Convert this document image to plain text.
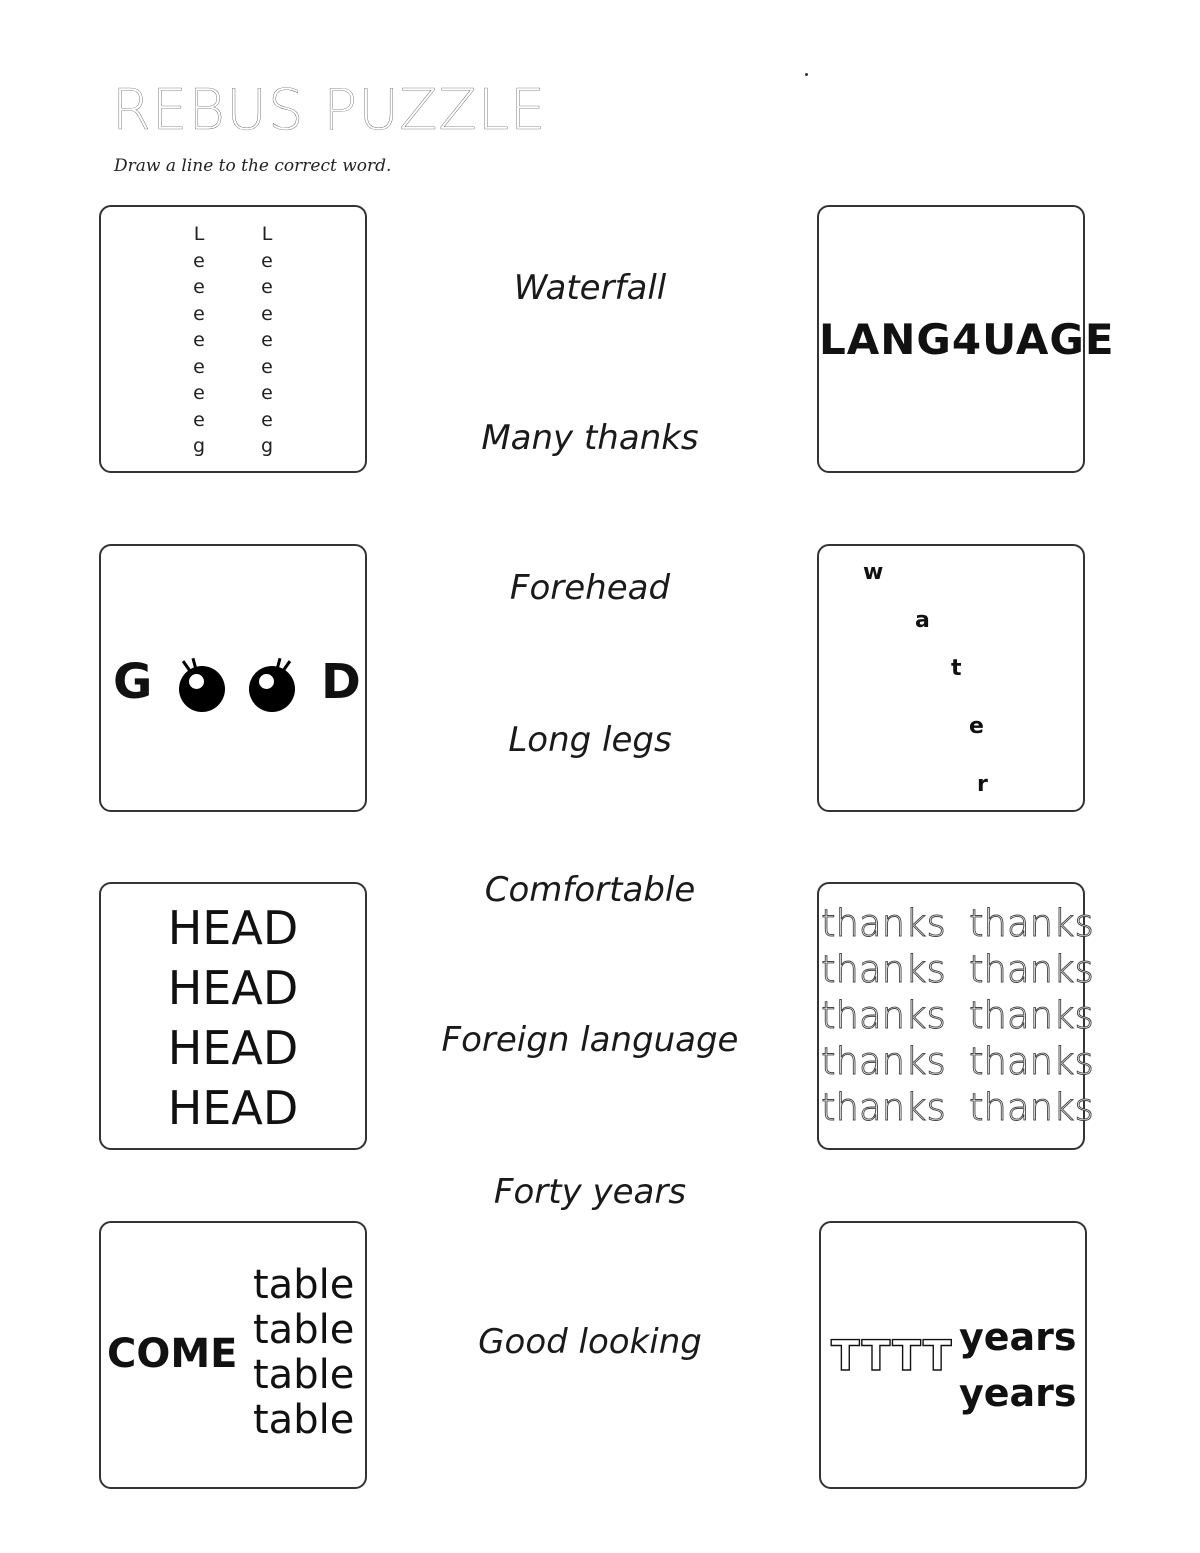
REBUS PUZZLE
Draw a line to the correct word.
L
e
e
e
e
e
e
e
g
L
e
e
e
e
e
e
e
g
Waterfall
Many thanks
LANG4UAGE
G	D
Forehead
Long legs
w
a
t
e
r
HEAD
HEAD
HEAD
HEAD
Comfortable
Foreign language
thanks thanks
thanks thanks
thanks thanks
thanks thanks
thanks thanks
COME
table
table
table
table
Forty years
Good looking	TTTT years
years
